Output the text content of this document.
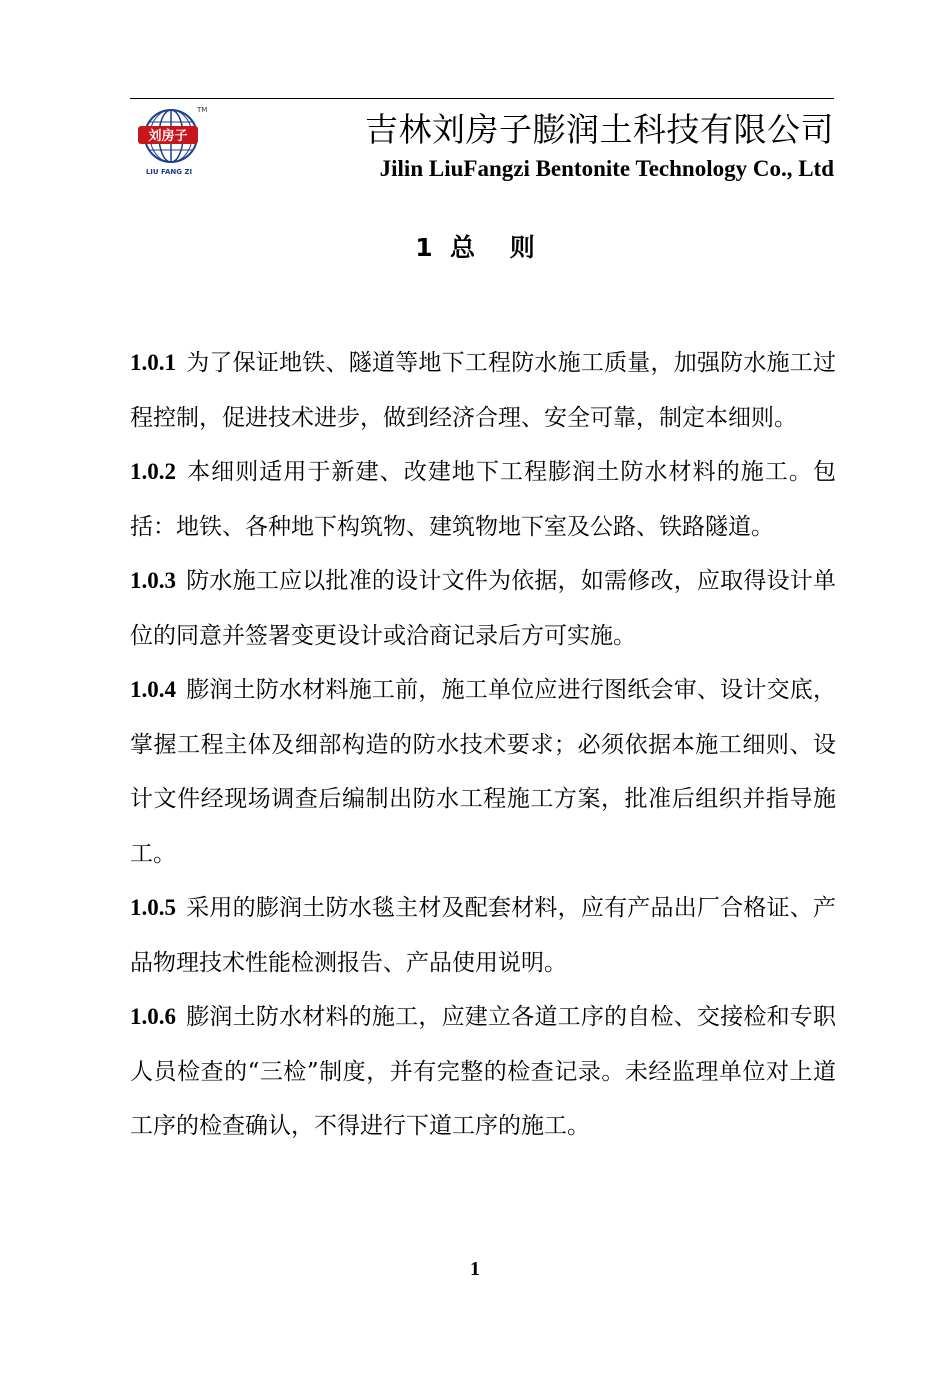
刘房子
TM
LIU FANG ZI
吉林刘房子膨润土科技有限公司
Jilin LiuFangzi Bentonite Technology Co., Ltd
1  总    则

1.0.1 为了保证地铁、隧道等地下工程防水施工质量，加强防水施工过程控制，促进技术进步，做到经济合理、安全可靠，制定本细则。

1.0.2 本细则适用于新建、改建地下工程膨润土防水材料的施工。包括：地铁、各种地下构筑物、建筑物地下室及公路、铁路隧道。

1.0.3 防水施工应以批准的设计文件为依据，如需修改，应取得设计单位的同意并签署变更设计或洽商记录后方可实施。

1.0.4 膨润土防水材料施工前，施工单位应进行图纸会审、设计交底，掌握工程主体及细部构造的防水技术要求；必须依据本施工细则、设计文件经现场调查后编制出防水工程施工方案，批准后组织并指导施工。

1.0.5 采用的膨润土防水毯主材及配套材料，应有产品出厂合格证、产品物理技术性能检测报告、产品使用说明。

1.0.6 膨润土防水材料的施工，应建立各道工序的自检、交接检和专职人员检查的“三检”制度，并有完整的检查记录。未经监理单位对上道工序的检查确认，不得进行下道工序的施工。

1
